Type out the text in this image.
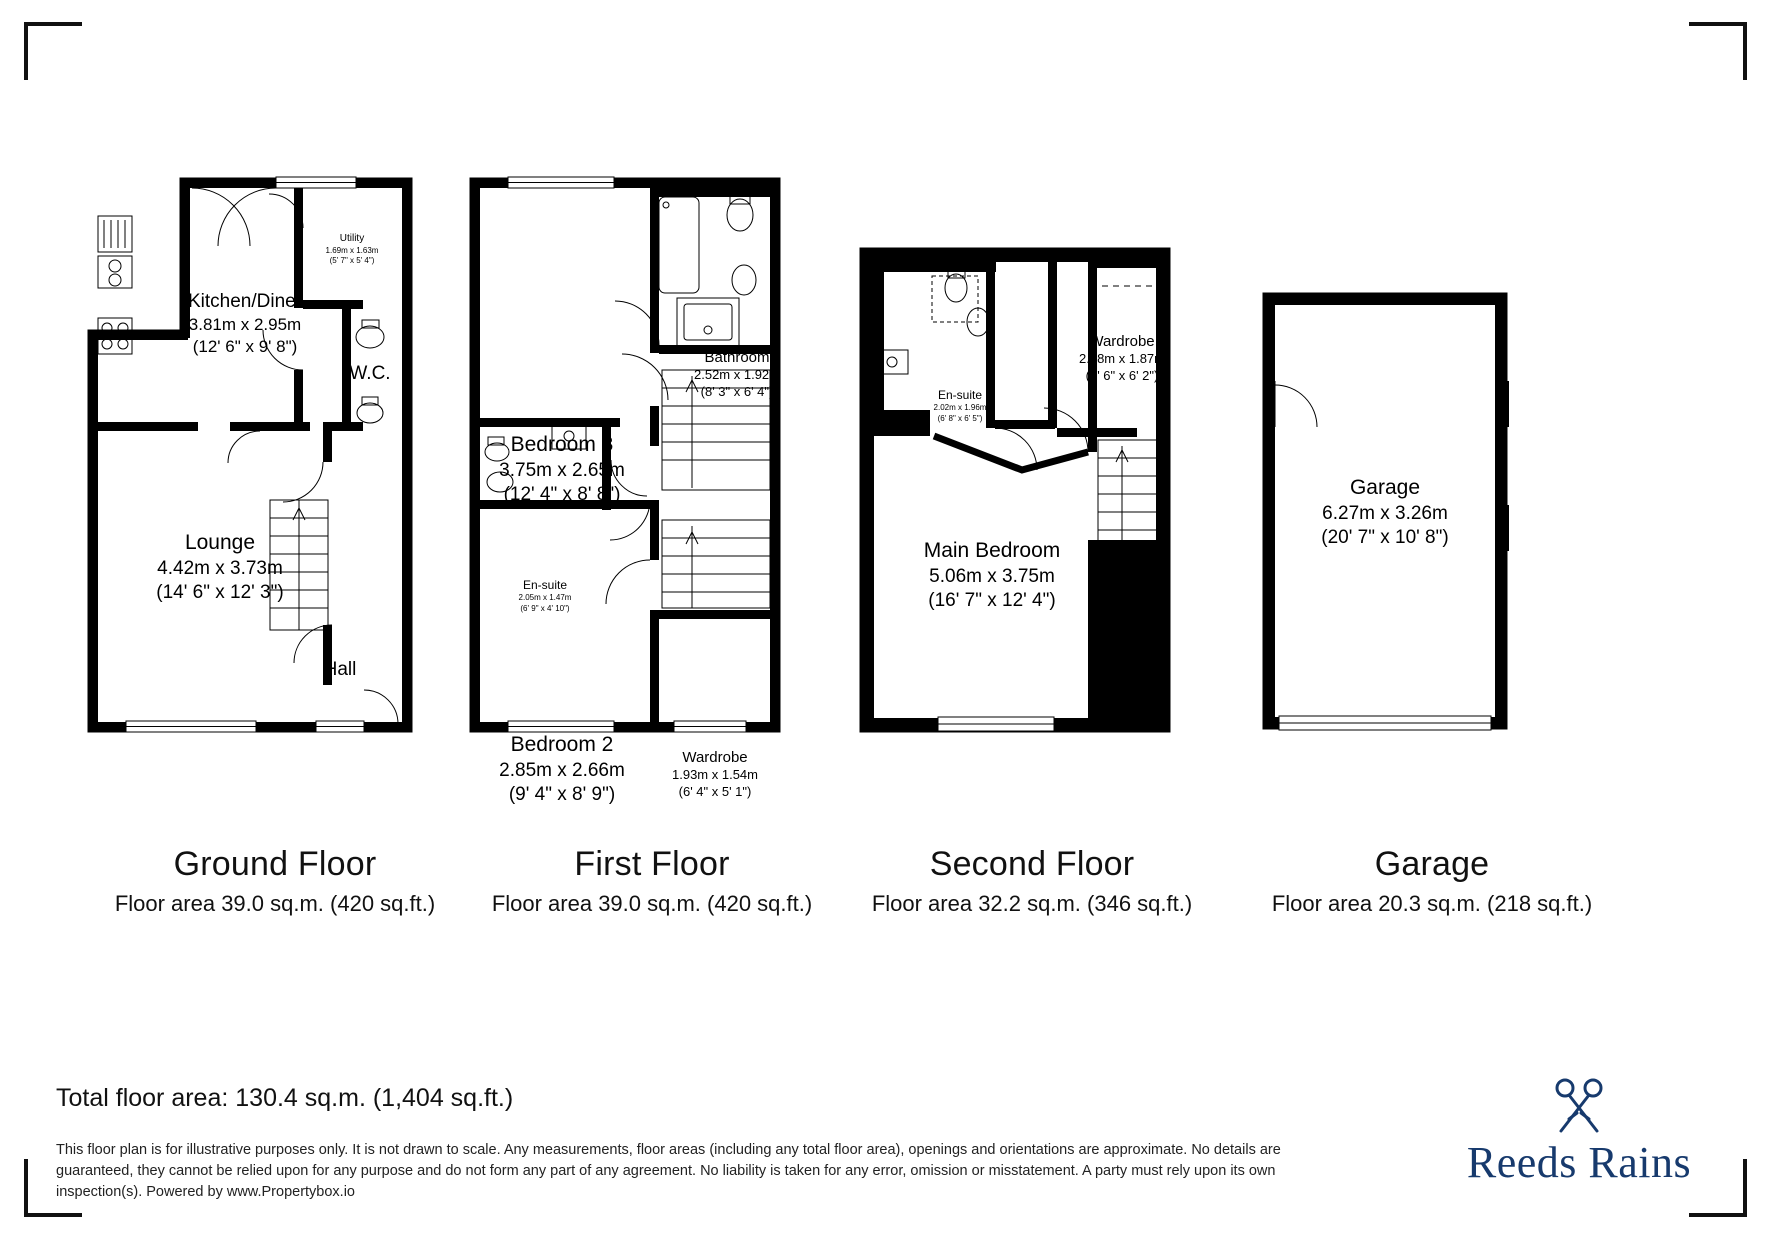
Kitchen/Diner
3.81m x 2.95m
(12' 6" x 9' 8")
Utility
1.69m x 1.63m
(5' 7" x 5' 4")
W.C.
Lounge
4.42m x 3.73m
(14' 6" x 12' 3")
Hall
Bedroom 3
3.75m x 2.65m
(12' 4" x 8' 8")
Bathroom
2.52m x 1.92m
(8' 3" x 6' 4")
En-suite
2.05m x 1.47m
(6' 9" x 4' 10")
Bedroom 2
2.85m x 2.66m
(9' 4" x 8' 9")
Wardrobe
1.93m x 1.54m
(6' 4" x 5' 1")
En-suite
2.02m x 1.96m
(6' 8" x 6' 5")
Wardrobe
2.58m x 1.87m
(8' 6" x 6' 2")
Main Bedroom
5.06m x 3.75m
(16' 7" x 12' 4")
Garage
6.27m x 3.26m
(20' 7" x 10' 8")
Ground Floor
Floor area 39.0 sq.m. (420 sq.ft.)
First Floor
Floor area 39.0 sq.m. (420 sq.ft.)
Second Floor
Floor area 32.2 sq.m. (346 sq.ft.)
Garage
Floor area 20.3 sq.m. (218 sq.ft.)
Total floor area: 130.4 sq.m. (1,404 sq.ft.)
This floor plan is for illustrative purposes only. It is not drawn to scale. Any measurements, floor areas (including any total floor area), openings and orientations are approximate. No details are guaranteed, they cannot be relied upon for any purpose and do not form any part of any agreement. No liability is taken for any error, omission or misstatement. A party must rely upon its own inspection(s). Powered by www.Propertybox.io
Reeds Rains
